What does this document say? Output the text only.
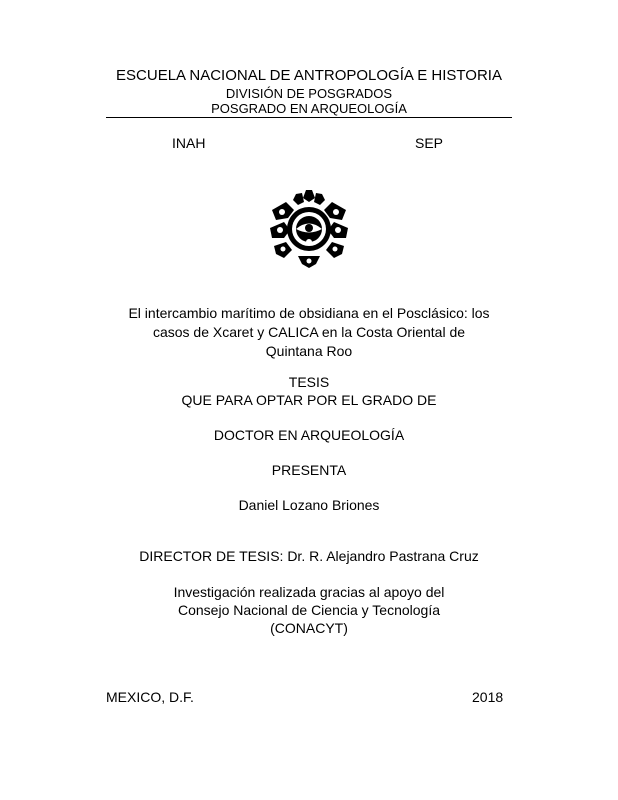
ESCUELA NACIONAL DE ANTROPOLOGÍA E HISTORIA
DIVISIÓN DE POSGRADOS
POSGRADO EN ARQUEOLOGÍA
INAH	SEP
El intercambio marítimo de obsidiana en el Posclásico: los
casos de Xcaret y CALICA en la Costa Oriental de
Quintana Roo
TESIS
QUE PARA OPTAR POR EL GRADO DE
DOCTOR EN ARQUEOLOGÍA
PRESENTA
Daniel Lozano Briones
DIRECTOR DE TESIS: Dr. R. Alejandro Pastrana Cruz
Investigación realizada gracias al apoyo del
Consejo Nacional de Ciencia y Tecnología
(CONACYT)
MEXICO, D.F.	2018
